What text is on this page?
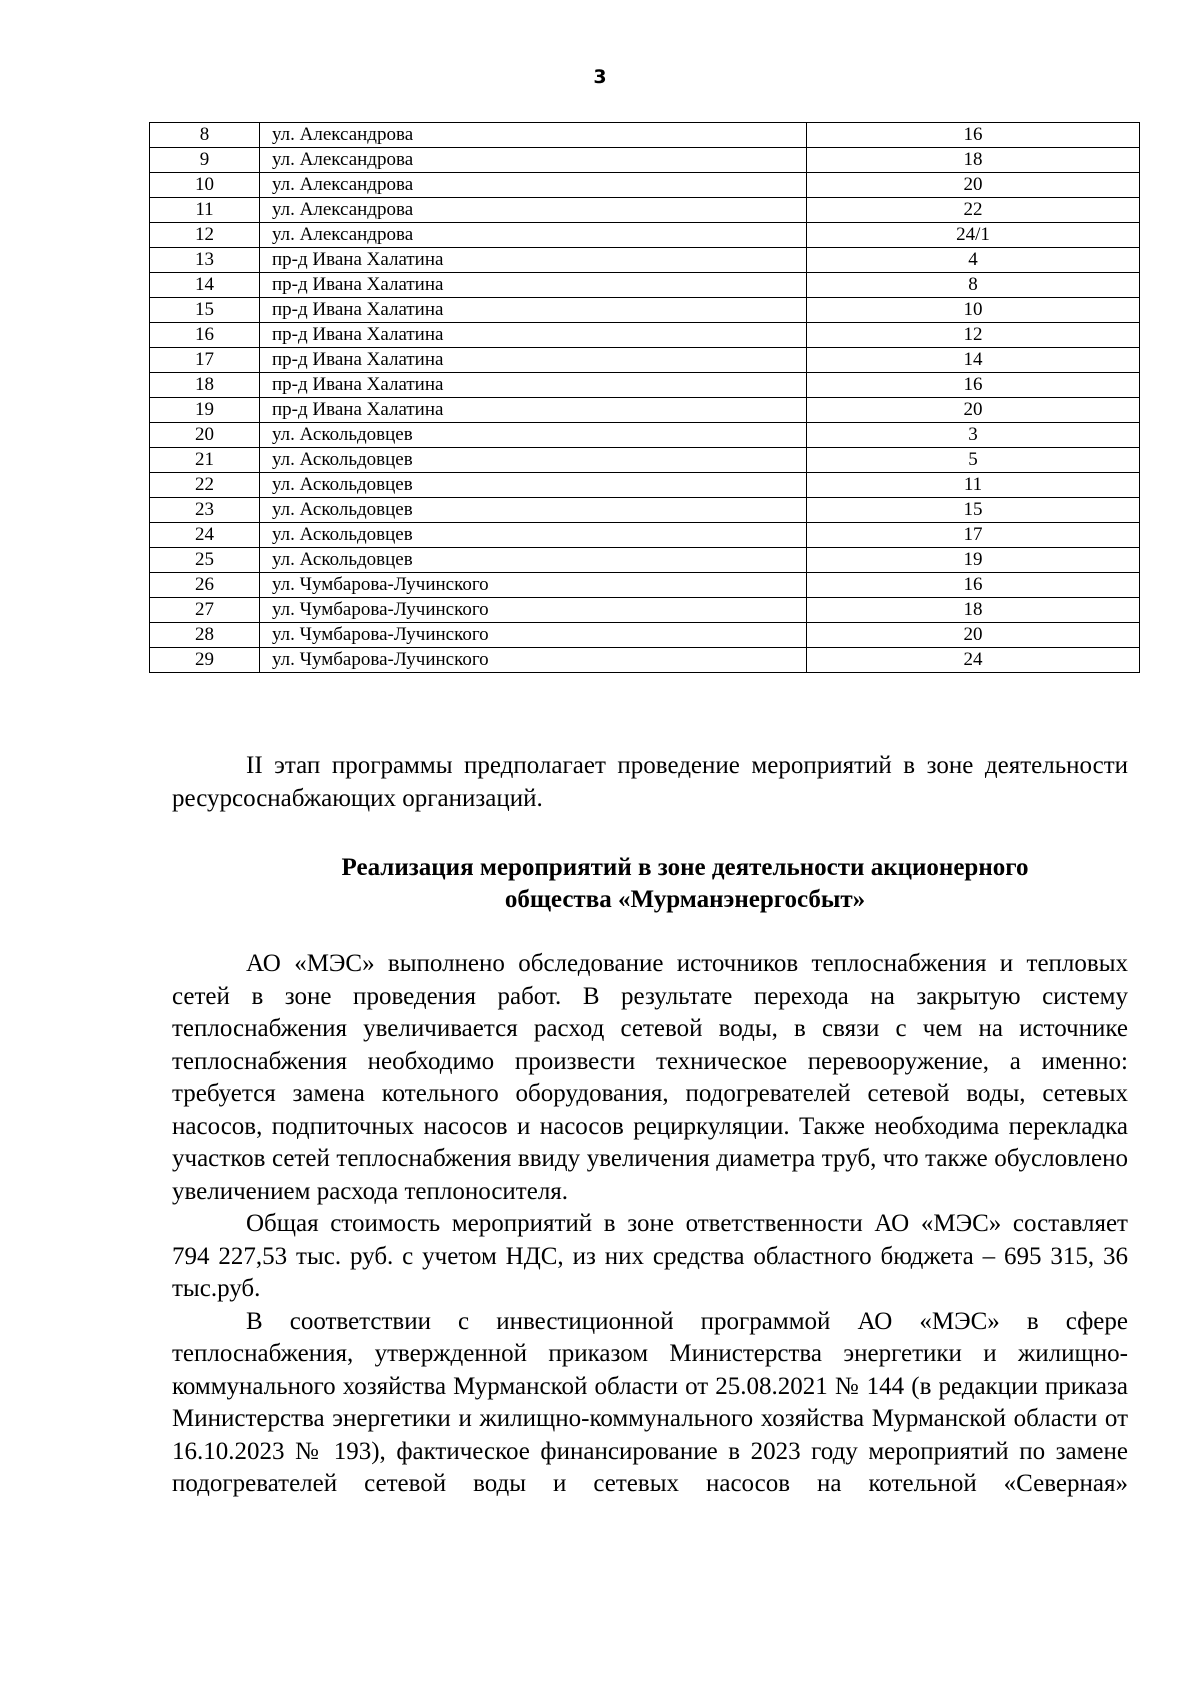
3
8	ул. Александрова	16
9	ул. Александрова	18
10	ул. Александрова	20
11	ул. Александрова	22
12	ул. Александрова	24/1
13	пр-д Ивана Халатина	4
14	пр-д Ивана Халатина	8
15	пр-д Ивана Халатина	10
16	пр-д Ивана Халатина	12
17	пр-д Ивана Халатина	14
18	пр-д Ивана Халатина	16
19	пр-д Ивана Халатина	20
20	ул. Аскольдовцев	3
21	ул. Аскольдовцев	5
22	ул. Аскольдовцев	11
23	ул. Аскольдовцев	15
24	ул. Аскольдовцев	17
25	ул. Аскольдовцев	19
26	ул. Чумбарова-Лучинского	16
27	ул. Чумбарова-Лучинского	18
28	ул. Чумбарова-Лучинского	20
29	ул. Чумбарова-Лучинского	24

II этап программы предполагает проведение мероприятий в зоне деятельности ресурсоснабжающих организаций.

Реализация мероприятий в зоне деятельности акционерного
общества «Мурманэнергосбыт»

АО «МЭС» выполнено обследование источников теплоснабжения и тепловых сетей в зоне проведения работ. В результате перехода на закрытую систему теплоснабжения увеличивается расход сетевой воды, в связи с чем на источнике теплоснабжения необходимо произвести техническое перевооружение, а именно: требуется замена котельного оборудования, подогревателей сетевой воды, сетевых насосов, подпиточных насосов и насосов рециркуляции. Также необходима перекладка участков сетей теплоснабжения ввиду увеличения диаметра труб, что также обусловлено увеличением расхода теплоносителя.

Общая стоимость мероприятий в зоне ответственности АО «МЭС» составляет 794 227,53 тыс. руб. с учетом НДС, из них средства областного бюджета – 695 315, 36 тыс.руб.

В соответствии с инвестиционной программой АО «МЭС» в сфере теплоснабжения, утвержденной приказом Министерства энергетики и жилищно-коммунального хозяйства Мурманской области от 25.08.2021 № 144 (в редакции приказа Министерства энергетики и жилищно-коммунального хозяйства Мурманской области от 16.10.2023 № 193), фактическое финансирование в 2023 году мероприятий по замене подогревателей сетевой воды и сетевых насосов на котельной «Северная»
